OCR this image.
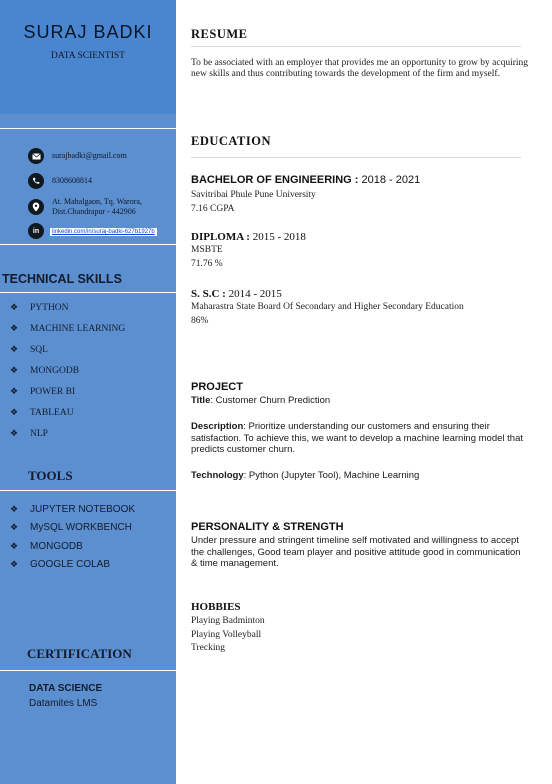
SURAJ BADKI
DATA SCIENTIST
surajbadki@gmail.com
8308608814
At. Mahalgaon, Tq. Warora,
Dist.Chandrapur - 442906
in	linkedin.com/in/suraj-badki-627b1927b
TECHNICAL SKILLS
❖	PYTHON
❖	MACHINE LEARNING
❖	SQL
❖	MONGODB
❖	POWER BI
❖	TABLEAU
❖	NLP
TOOLS
❖	JUPYTER NOTEBOOK
❖	MySQL WORKBENCH
❖	MONGODB
❖	GOOGLE COLAB
CERTIFICATION
DATA SCIENCE
Datamites LMS
RESUME
To be associated with an employer that provides me an opportunity to grow by acquiring new skills and thus contributing towards the development of the firm and myself.
EDUCATION
BACHELOR OF ENGINEERING : 2018 - 2021
Savitribai Phule Pune University
7.16 CGPA
DIPLOMA : 2015 - 2018
MSBTE
71.76 %
S. S.C : 2014 - 2015
Maharastra State Board Of Secondary and Higher Secondary Education
86%
PROJECT
Title: Customer Churn Prediction
Description: Prioritize understanding our customers and ensuring their satisfaction. To achieve this, we want to develop a machine learning model that predicts customer churn.
Technology: Python (Jupyter Tool), Machine Learning
PERSONALITY & STRENGTH
Under pressure and stringent timeline self motivated and willingness to accept the challenges, Good team player and positive attitude good in communication & time management.
HOBBIES
Playing Badminton
Playing Volleyball
Trecking
